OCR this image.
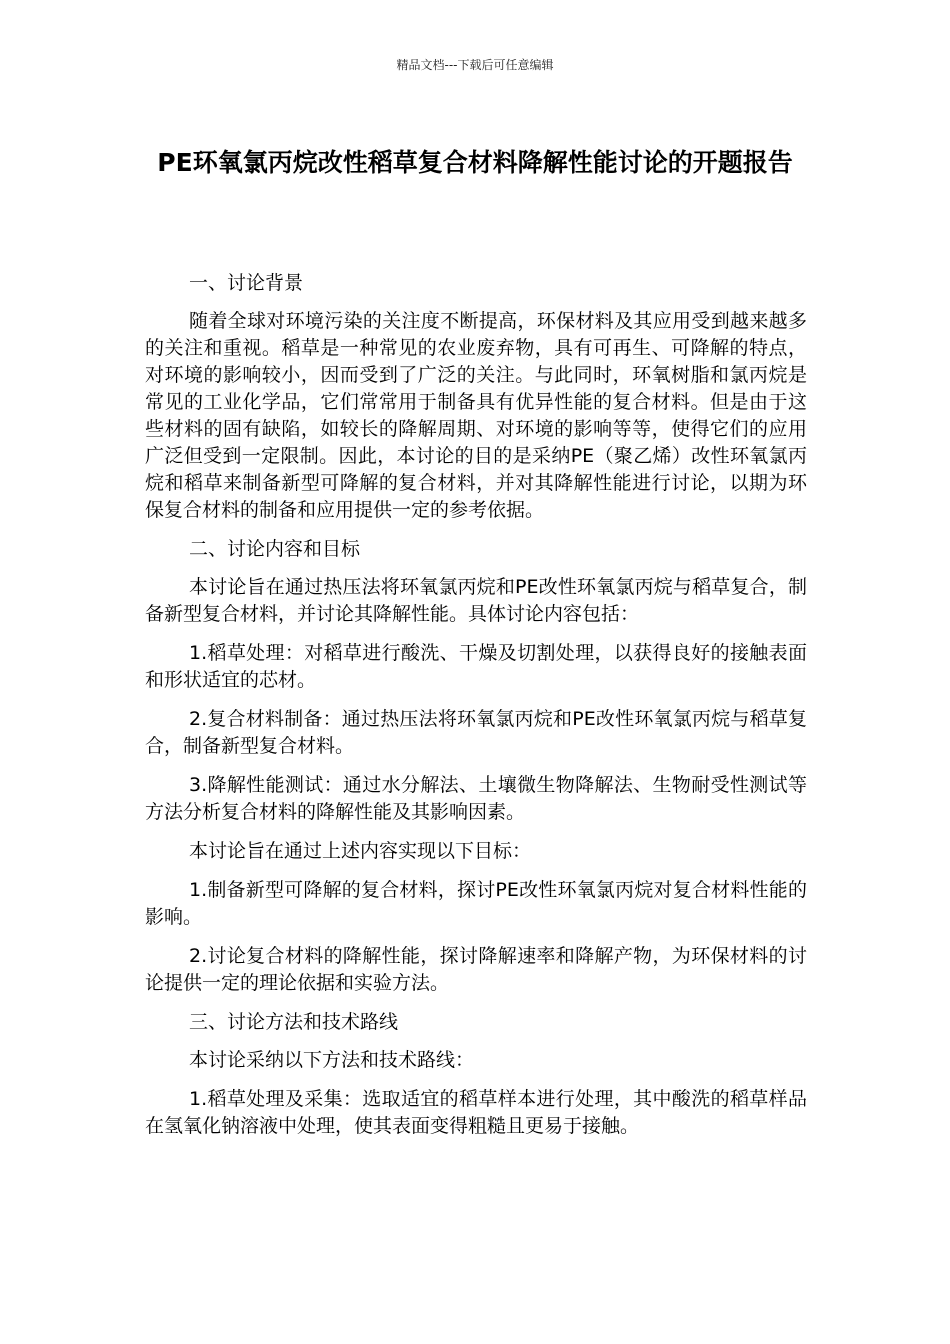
精品文档---下载后可任意编辑
PE环氧氯丙烷改性稻草复合材料降解性能讨论的开题报告

一、讨论背景

随着全球对环境污染的关注度不断提高，环保材料及其应用受到越来越多的关注和重视。稻草是一种常见的农业废弃物，具有可再生、可降解的特点，对环境的影响较小，因而受到了广泛的关注。与此同时，环氧树脂和氯丙烷是常见的工业化学品，它们常常用于制备具有优异性能的复合材料。但是由于这些材料的固有缺陷，如较长的降解周期、对环境的影响等等，使得它们的应用广泛但受到一定限制。因此，本讨论的目的是采纳PE（聚乙烯）改性环氧氯丙烷和稻草来制备新型可降解的复合材料，并对其降解性能进行讨论，以期为环保复合材料的制备和应用提供一定的参考依据。

二、讨论内容和目标

本讨论旨在通过热压法将环氧氯丙烷和PE改性环氧氯丙烷与稻草复合，制备新型复合材料，并讨论其降解性能。具体讨论内容包括：

1.稻草处理：对稻草进行酸洗、干燥及切割处理，以获得良好的接触表面和形状适宜的芯材。

2.复合材料制备：通过热压法将环氧氯丙烷和PE改性环氧氯丙烷与稻草复合，制备新型复合材料。

3.降解性能测试：通过水分解法、土壤微生物降解法、生物耐受性测试等方法分析复合材料的降解性能及其影响因素。

本讨论旨在通过上述内容实现以下目标：

1.制备新型可降解的复合材料，探讨PE改性环氧氯丙烷对复合材料性能的影响。

2.讨论复合材料的降解性能，探讨降解速率和降解产物，为环保材料的讨论提供一定的理论依据和实验方法。

三、讨论方法和技术路线

本讨论采纳以下方法和技术路线：

1.稻草处理及采集：选取适宜的稻草样本进行处理，其中酸洗的稻草样品在氢氧化钠溶液中处理，使其表面变得粗糙且更易于接触。
